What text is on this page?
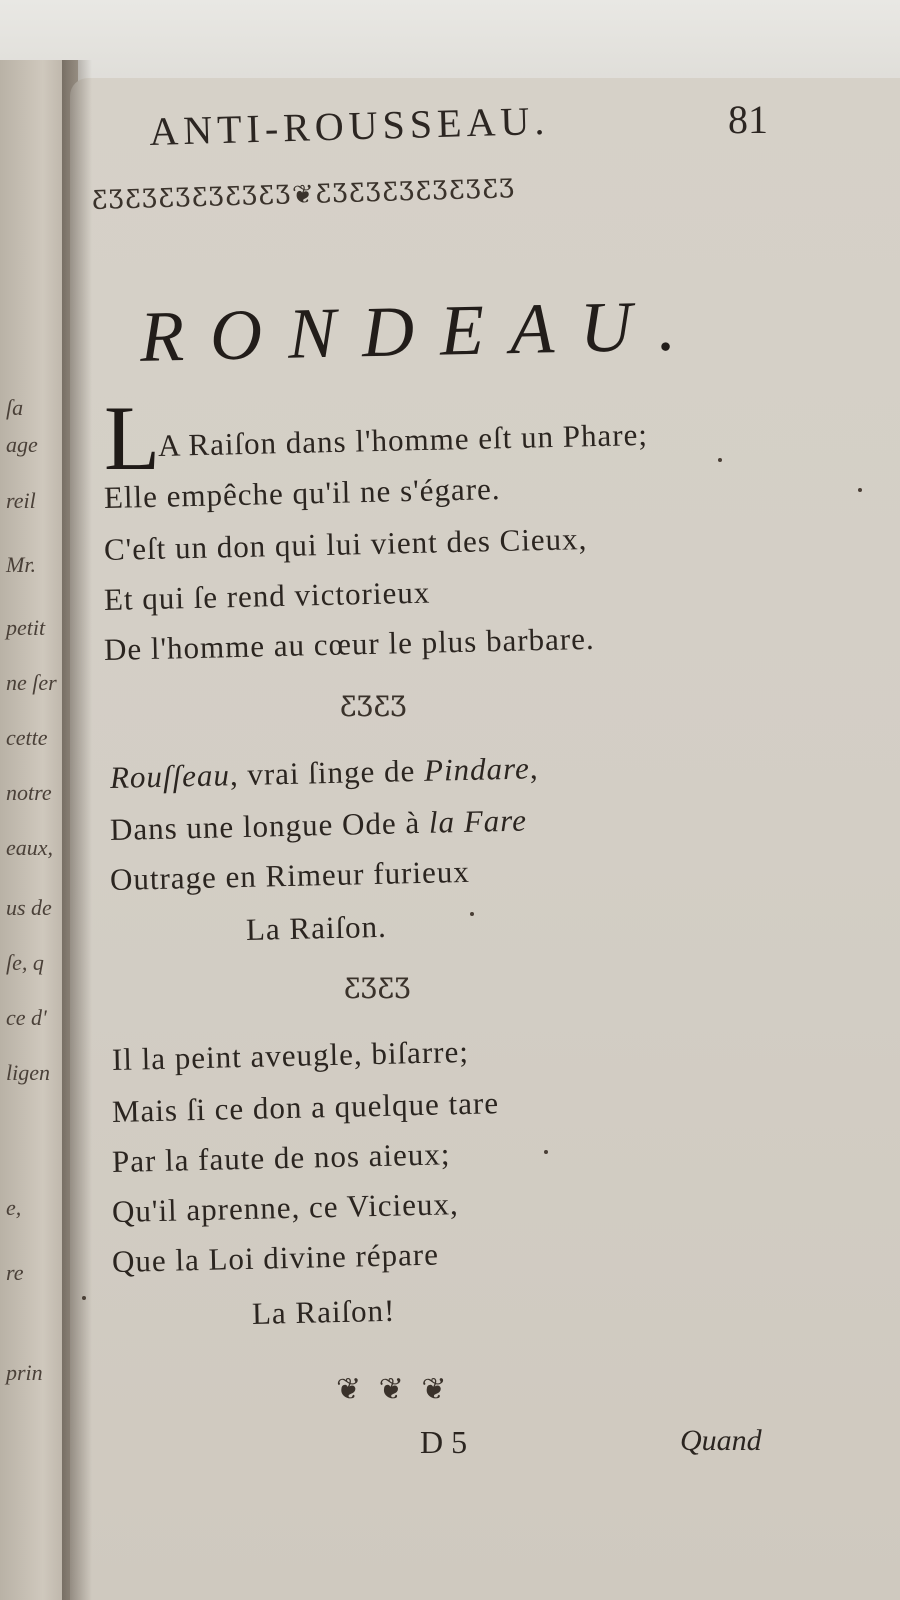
ſa
age
reil
Mr.
petit
ne ſer
cette
notre
eaux,
us de
ſe, q
ce d'
ligen
e,
re
prin
ANTI-ROUSSEAU.	81
ƸƷƸƷƸƷƸƷƸƷƸƷ❦ƸƷƸƷƸƷƸƷƸƷƸƷ
RONDEAU.
L
A Raiſon dans l'homme eſt un Phare;
Elle empêche qu'il ne s'égare.
C'eſt un don qui lui vient des Cieux,
Et qui ſe rend victorieux
De l'homme au cœur le plus barbare.
ƸƷƸƷ
Rouſſeau, vrai ſinge de Pindare,
Dans une longue Ode à la Fare
Outrage en Rimeur furieux
La Raiſon.
ƸƷƸƷ
Il la peint aveugle, biſarre;
Mais ſi ce don a quelque tare
Par la faute de nos aieux;
Qu'il aprenne, ce Vicieux,
Que la Loi divine répare
La Raiſon!
❦ ❦ ❦
D 5	Quand
